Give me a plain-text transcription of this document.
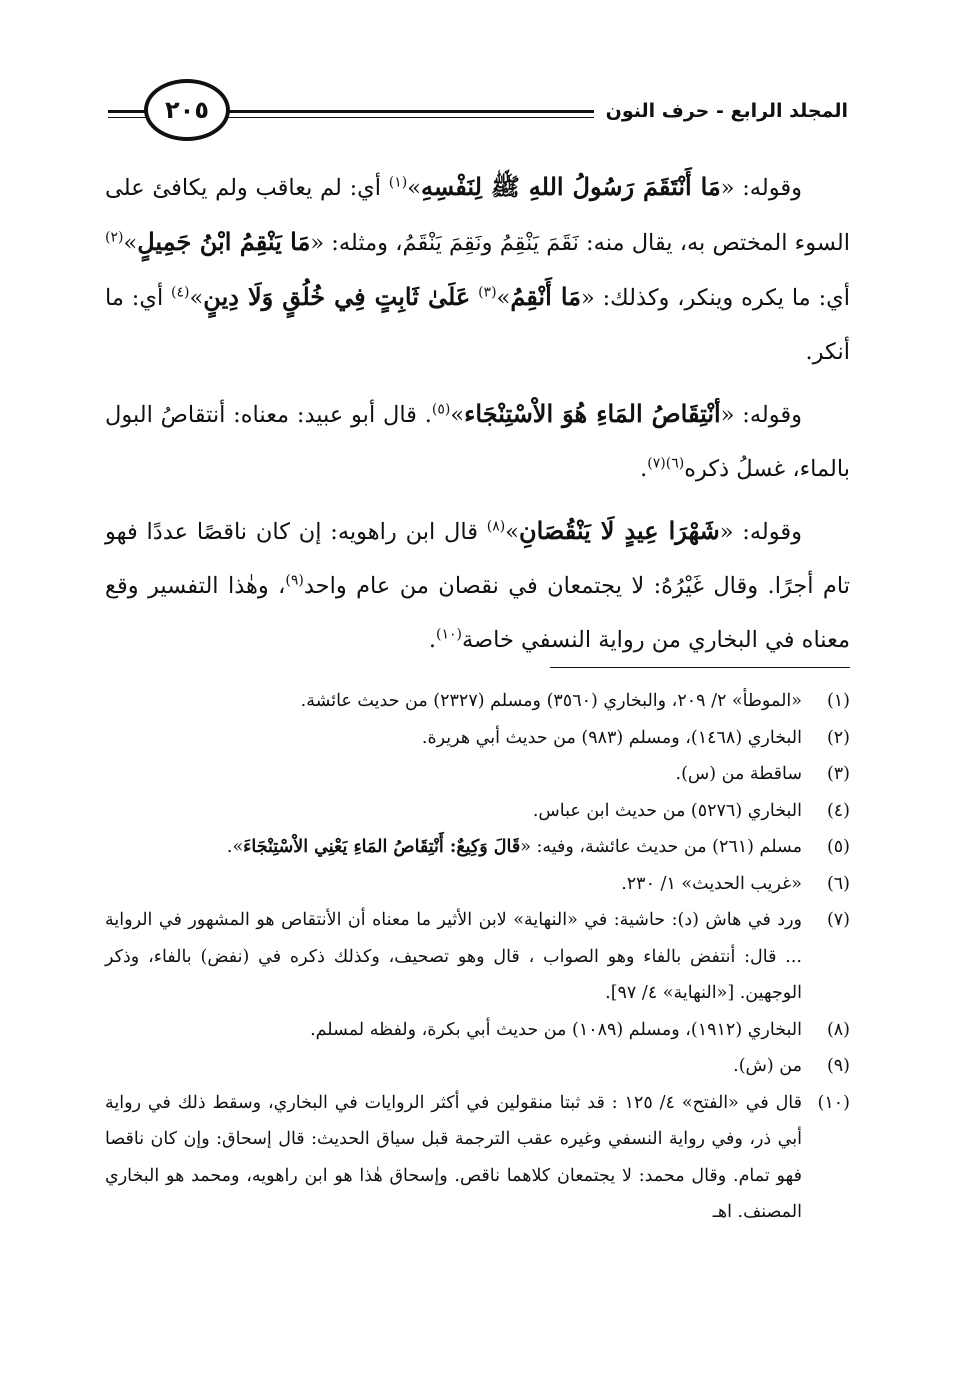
المجلد الرابع - حرف النون
٢٠٥

وقوله: «مَا أَنْتَقَمَ رَسُولُ اللهِ ﷺ لِنَفْسِهِ»$^{(١)}$ أي: لم يعاقب ولم يكافئ على السوء المختص به، يقال منه: نَقَمَ يَنْقِمُ ونَقِمَ يَنْقَمُ، ومثله: «مَا يَنْقِمُ ابْنُ جَمِيلٍ»$^{(٢)}$ أي: ما يكره وينكر، وكذلك: «مَا أَنْقِمُ»$^{(٣)}$ عَلَىٰ ثَابِتٍ فِي خُلُقٍ وَلَا دِينٍ»$^{(٤)}$ أي: ما أنكر.

وقوله: «أنْتِقَاصُ المَاءِ هُوَ الاْسْتِنْجَاء»$^{(٥)}$. قال أبو عبيد: معناه: أنتقاصُ البول بالماء، غسلُ ذكره$^{(٦)(٧)}$.

وقوله: «شَهْرَا عِيدٍ لَا يَنْقُصَانِ»$^{(٨)}$ قال ابن راهويه: إن كان ناقصًا عددًا فهو تام أجرًا. وقال غَيْرُهُ: لا يجتمعان في نقصان من عام واحد$^{(٩)}$، وهٰذا التفسير وقع معناه في البخاري من رواية النسفي خاصة$^{(١٠)}$.

(١)
«الموطأ» ٢/ ٢٠٩، والبخاري (٣٥٦٠) ومسلم (٢٣٢٧) من حديث عائشة.
(٢)
البخاري (١٤٦٨)، ومسلم (٩٨٣) من حديث أبي هريرة.
(٣)
ساقطة من (س).
(٤)
البخاري (٥٢٧٦) من حديث ابن عباس.
(٥)
مسلم (٢٦١) من حديث عائشة، وفيه: «قَالَ وَكِيعٌ: أَنْتِقَاصُ المَاءِ يَعْنِي الاْسْتِنْجَاءَ».
(٦)
«غريب الحديث» ١/ ٢٣٠.
(٧)
ورد في هاش (د): حاشية: في «النهاية» لابن الأثير ما معناه أن الأنتقاص هو المشهور في الرواية ... قال: أنتفض بالفاء وهو الصواب ، قال وهو تصحيف، وكذلك ذكره في (نفض) بالفاء، وذكر الوجهين. [«النهاية» ٤/ ٩٧].
(٨)
البخاري (١٩١٢)، ومسلم (١٠٨٩) من حديث أبي بكرة، ولفظه لمسلم.
(٩)
من (ش).
(١٠)
قال في «الفتح» ٤/ ١٢٥ : قد ثبتا منقولين في أكثر الروايات في البخاري، وسقط ذلك في رواية أبي ذر، وفي رواية النسفي وغيره عقب الترجمة قبل سياق الحديث: قال إسحاق: وإن كان ناقصا فهو تمام. وقال محمد: لا يجتمعان كلاهما ناقص. وإسحاق هٰذا هو ابن راهويه، ومحمد هو البخاري المصنف. اهـ
